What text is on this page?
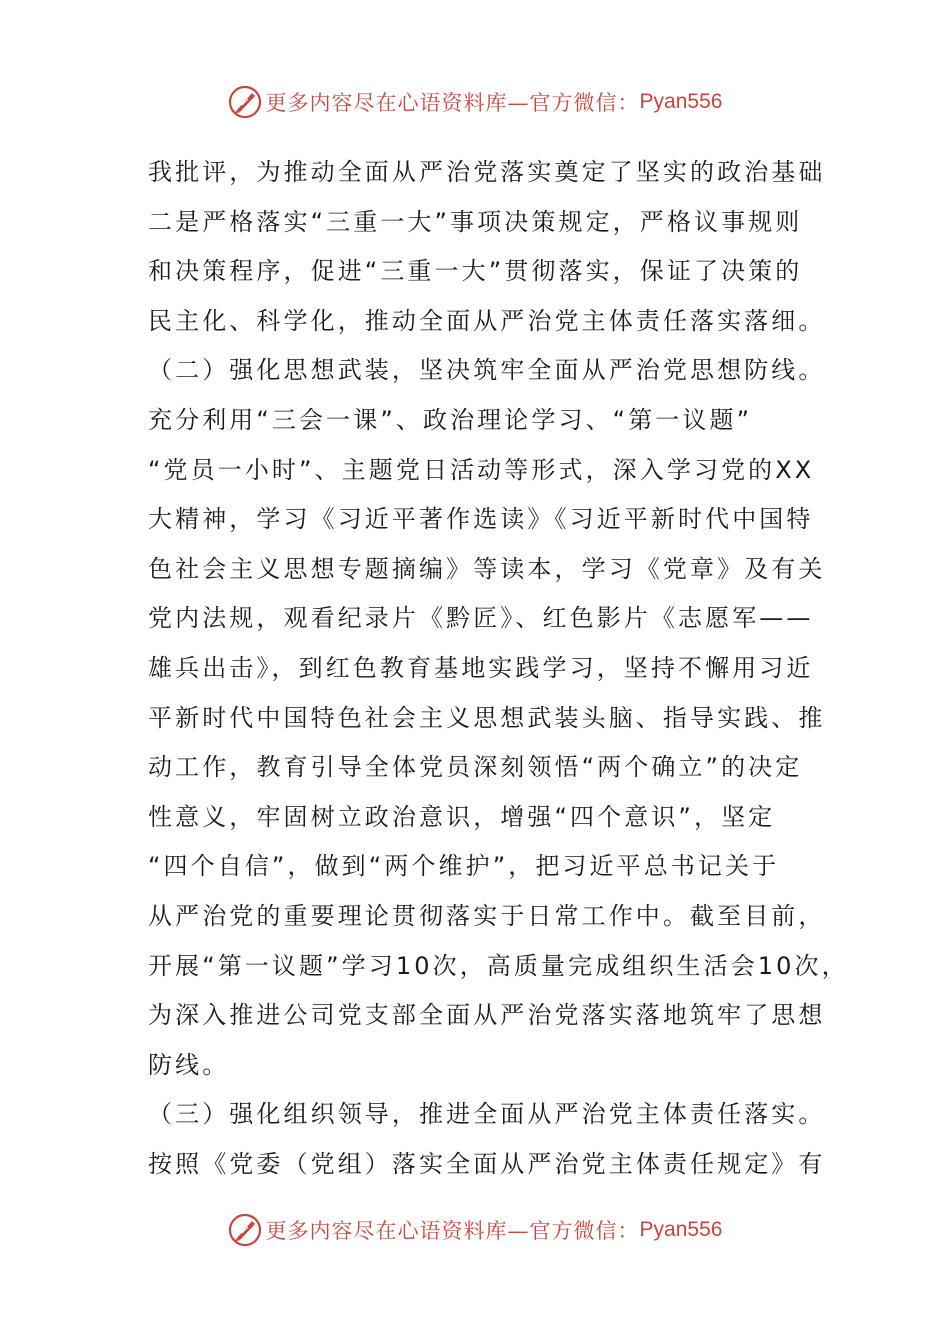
更多内容尽在心语资料库—官方微信： Pyan556
我批评，为推动全面从严治党落实奠定了坚实的政治基础
二是严格落实“三重一大”事项决策规定，严格议事规则
和决策程序，促进“三重一大”贯彻落实，保证了决策的
民主化、科学化，推动全面从严治党主体责任落实落细。
（二）强化思想武装，坚决筑牢全面从严治党思想防线。
充分利用“三会一课”、政治理论学习、“第一议题”
“党员一小时”、主题党日活动等形式，深入学习党的XX
大精神，学习《习近平著作选读》《习近平新时代中国特
色社会主义思想专题摘编》等读本，学习《党章》及有关
党内法规，观看纪录片《黔匠》、红色影片《志愿军——
雄兵出击》，到红色教育基地实践学习，坚持不懈用习近
平新时代中国特色社会主义思想武装头脑、指导实践、推
动工作，教育引导全体党员深刻领悟“两个确立”的决定
性意义，牢固树立政治意识，增强“四个意识”，坚定
“四个自信”，做到“两个维护”，把习近平总书记关于
从严治党的重要理论贯彻落实于日常工作中。截至目前，
开展“第一议题”学习10次，高质量完成组织生活会10次，
为深入推进公司党支部全面从严治党落实落地筑牢了思想
防线。
（三）强化组织领导，推进全面从严治党主体责任落实。
按照《党委（党组）落实全面从严治党主体责任规定》有
更多内容尽在心语资料库—官方微信： Pyan556
